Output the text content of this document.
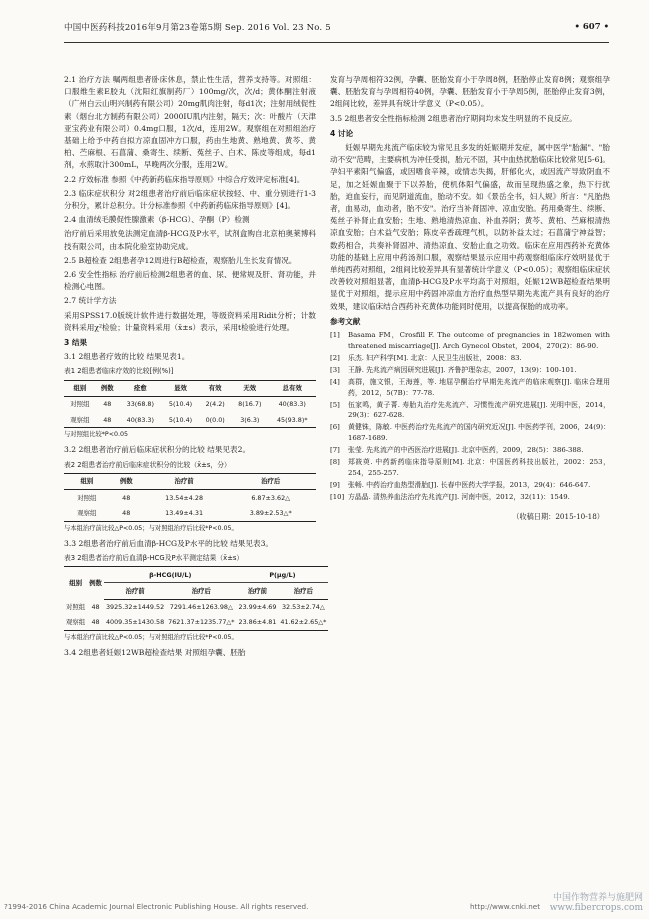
中国中医药科技2016年9月第23卷第5期 Sep. 2016 Vol. 23 No. 5	• 607 •

2.1 治疗方法 嘱两组患者卧床休息，禁止性生活，营养支持等。对照组：口服维生素E胶丸（沈阳红旗制药厂）100mg/次，次/d；黄体酮注射液（广州白云山明兴制药有限公司）20mg肌肉注射，每d1次；注射用绒促性素（烟台北方制药有限公司）2000IU肌内注射，隔天；次：叶酸片（天津亚宝药业有限公司）0.4mg口服，1次/d，连用2W。观察组在对照组治疗基础上给予中药自拟方凉血固冲方口服，药由生地黄、熟地黄、黄芩、黄柏、苎麻根、石菖蒲、桑寄生、续断、菟丝子、白术、陈皮等组成，每d1剂，水煎取汁300mL，早晚两次分服，连用2W。

2.2 疗效标准 参照《中药新药临床指导原则》中综合疗效评定标准[4]。

2.3 临床症状积分 对2组患者治疗前后临床症状按轻、中、重分别进行1-3分积分，累计总积分。计分标准参照《中药新药临床指导原则》[4]。

2.4 血清绒毛膜促性腺激素（β-HCG）、孕酮（P）检测

治疗前后采用放免法测定血清β-HCG及P水平，试剂盒购自北京柏奥莱博科技有限公司，由本院化验室协助完成。

2.5 B超检查 2组患者孕12周进行B超检查，观察胎儿生长发育情况。

2.6 安全性指标 治疗前后检测2组患者的血、尿、便常规及肝、肾功能，并检测心电图。

2.7 统计学方法

采用SPSS17.0版统计软件进行数据处理，等级资料采用Ridit分析；计数资料采用χ²检验；计量资料采用（x̄±s）表示，采用t检验进行处理。

3 结果

3.1 2组患者疗效的比较 结果见表1。

表1 2组患者临床疗效的比较[例(%)]
组别	例数	痊愈	显效	有效	无效	总有效
对照组	48	33(68.8)	5(10.4)	2(4.2)	8(16.7)	40(83.3)
观察组	48	40(83.3)	5(10.4)	0(0.0)	3(6.3)	45(93.8)*
与对照组比较*P<0.05

3.2 2组患者治疗前后临床症状积分的比较 结果见表2。

表2 2组患者治疗前后临床症状积分的比较（x̄±s，分）
组别	例数	治疗前	治疗后
对照组	48	13.54±4.28	6.87±3.62△
观察组	48	13.49±4.31	3.89±2.53△*
与本组治疗前比较△P<0.05；与对照组治疗后比较*P<0.05。

3.3 2组患者治疗前后血清β-HCG及P水平的比较 结果见表3。

表3 2组患者治疗前后血清β-HCG及P水平测定结果（x̄±s）
组别	例数	β-HCG(IU/L)		P(μg/L)	
		治疗前	治疗后	治疗前	治疗后
对照组	48	3925.32±1449.52	7291.46±1263.98△	23.99±4.69	32.53±2.74△
观察组	48	4009.35±1430.58	7621.37±1235.77△*	23.86±4.81	41.62±2.65△*
与本组治疗前比较△P<0.05；与对照组治疗后比较*P<0.05。

3.4 2组患者妊娠12WB超检查结果 对照组孕囊、胚胎

发育与孕周相符32例，孕囊、胚胎发育小于孕周8例，胚胎停止发育8例；观察组孕囊、胚胎发育与孕周相符40例，孕囊、胚胎发育小于孕周5例，胚胎停止发育3例，2组间比较，差异具有统计学意义（P<0.05）。

3.5 2组患者安全性指标检测 2组患者治疗期间均未发生明显的不良反应。

4 讨论

妊娠早期先兆流产临床较为常见且多发的妊娠期并发症，属中医学"胎漏"、"胎动不安"范畴，主要病机为冲任受损，胎元不固，其中血热扰胎临床比较常见[5-6]。孕妇平素阳气偏盛，或因嗜食辛辣，或情志失揭，肝郁化火，或因流产导致阴血不足，加之妊娠血聚于下以养胎，使机体阳气偏盛，故而呈现热盛之象，热下行扰胎，迫血妄行，而见阴道流血，胎动不安。如《景岳全书，妇人规》所言："凡胎热者，血易动，血动者，胎不安"。治疗当补肾固冲、凉血安胎。药用桑寄生、续断、菟丝子补肾止血安胎；生地、熟地清热凉血、补血养阴；黄芩、黄柏、苎麻根清热凉血安胎；白术益气安胎；陈皮辛香疏理气机，以防补益太过；石菖蒲宁神益智；数药相合，共奏补肾固冲、清热凉血、安胎止血之功效。临床在应用西药补充黄体功能的基础上应用中药汤剂口服，观察结果显示应用中药观察组临床疗效明显优于单纯西药对照组，2组间比较差异具有显著统计学意义（P<0.05）；观察组临床症状改善较对照组显著，血清β-HCG及P水平均高于对照组，妊娠12WB超检查结果明显优于对照组，提示应用中药固冲凉血方治疗血热型早期先兆流产具有良好的治疗效果，建议临床结合西药补充黄体功能同时使用，以提高保胎的成功率。

参考文献
[1]	Basama FM，Crosfill F. The outcome of pregnancies in 182women with threatened miscarriage[J]. Arch Gynecol Obstet，2004，270(2)：86-90.
[2]	乐杰. 妇产科学[M]. 北京：人民卫生出版社，2008：83.
[3]	王静. 先兆流产病因研究进展[J]. 齐鲁护理杂志，2007，13(9)：100-101.
[4]	高群，施文银，王海莲，等. 地屈孕酮治疗早期先兆流产的临床观察[J]. 临床合理用药，2012，5(7B)：77-78.
[5]	伍家鸣，黄子菁. 寿胎丸治疗先兆流产、习惯性流产研究进展[J]. 光明中医，2014，29(3)：627-628.
[6]	黄健铢，陈敏. 中医药治疗先兆流产的国内研究近况[J]. 中医药学刊，2006，24(9)：1687-1689.
[7]	张莹. 先兆流产的中西医治疗进展[J]. 北京中医药，2009，28(5)：386-388.
[8]	郑筱萸. 中药新药临床指导原则[M]. 北京：中国医药科技出版社，2002：253，254，255-257.
[9]	张畅. 中药治疗血热型滑胎[J]. 长春中医药大学学报，2013，29(4)：646-647.
[10] 方晶晶. 清热养血法治疗先兆流产[J]. 河南中医，2012，32(11)：1549.
（收稿日期：2015-10-18）
?1994-2016 China Academic Journal Electronic Publishing House. All rights reserved.
中国作物营养与施肥网
www.fibercrops.com
http://www.cnki.net
